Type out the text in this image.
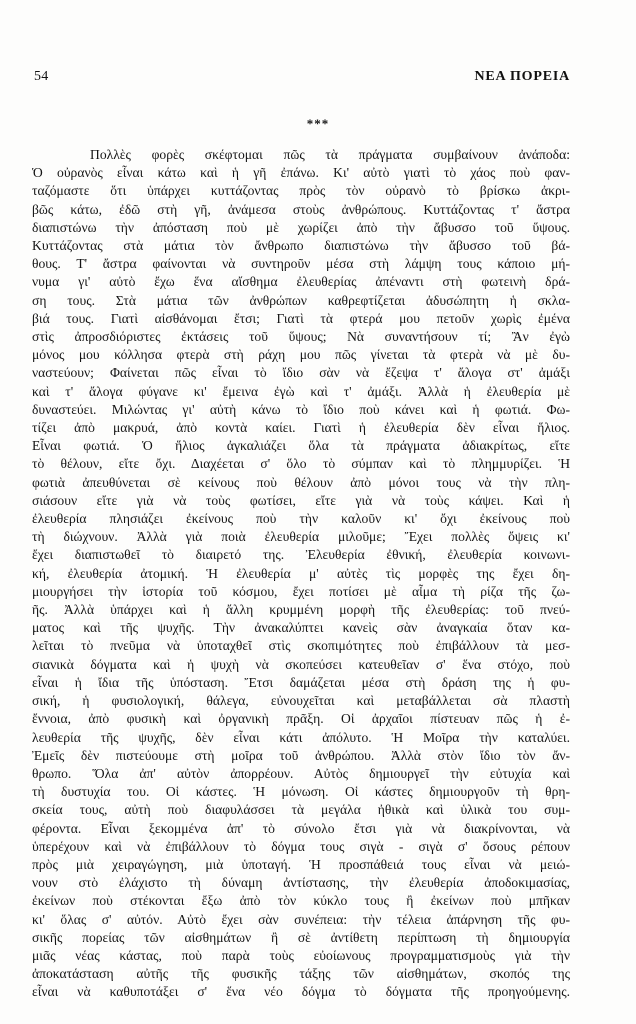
54	ΝΕΑ ΠΟΡΕΙΑ
***

Πολλὲς φορὲς σκέφτομαι πῶς τὰ πράγματα συμβαίνουν ἀνάποδα:
Ὁ οὐρανὸς εἶναι κάτω καὶ ἡ γῆ ἐπάνω. Κι' αὐτὸ γιατὶ τὸ χάος ποὺ φαν-
ταζόμαστε ὅτι ὑπάρχει κυττάζοντας πρὸς τὸν οὐρανὸ τὸ βρίσκω ἀκρι-
βῶς κάτω, ἐδῶ στὴ γῆ, ἀνάμεσα στοὺς ἀνθρώπους. Κυττάζοντας τ' ἄστρα
διαπιστώνω τὴν ἀπόσταση ποὺ μὲ χωρίζει ἀπὸ τὴν ἄβυσσο τοῦ ὕψους.
Κυττάζοντας στὰ μάτια τὸν ἄνθρωπο διαπιστώνω τὴν ἄβυσσο τοῦ βά-
θους. Τ' ἄστρα φαίνονται νὰ συντηροῦν μέσα στὴ λάμψη τους κάποιο μή-
νυμα γι' αὐτὸ ἔχω ἕνα αἴσθημα ἐλευθερίας ἀπέναντι στὴ φωτεινὴ δρά-
ση τους. Στὰ μάτια τῶν ἀνθρώπων καθρεφτίζεται ἀδυσώπητη ἡ σκλα-
βιά τους. Γιατὶ αἰσθάνομαι ἔτσι; Γιατὶ τὰ φτερά μου πετοῦν χωρὶς ἐμένα
στὶς ἀπροσδιόριστες ἐκτάσεις τοῦ ὕψους; Νὰ συναντήσουν τί; Ἂν ἐγὼ
μόνος μου κόλλησα φτερὰ στὴ ράχη μου πῶς γίνεται τὰ φτερὰ νὰ μὲ δυ-
ναστεύουν; Φαίνεται πῶς εἶναι τὸ ἴδιο σὰν νὰ ἔζεψα τ' ἄλογα στ' ἀμάξι
καὶ τ' ἄλογα φύγανε κι' ἔμεινα ἐγὼ καὶ τ' ἀμάξι. Ἀλλὰ ἡ ἐλευθερία μὲ
δυναστεύει. Μιλώντας γι' αὐτὴ κάνω τὸ ἴδιο ποὺ κάνει καὶ ἡ φωτιά. Φω-
τίζει ἀπὸ μακρυά, ἀπὸ κοντὰ καίει. Γιατὶ ἡ ἐλευθερία δὲν εἶναι ἥλιος.
Εἶναι φωτιά. Ὁ ἥλιος ἀγκαλιάζει ὅλα τὰ πράγματα ἀδιακρίτως, εἴτε
τὸ θέλουν, εἴτε ὄχι. Διαχέεται σ' ὅλο τὸ σύμπαν καὶ τὸ πλημμυρίζει. Ἡ
φωτιὰ ἀπευθύνεται σὲ κείνους ποὺ θέλουν ἀπὸ μόνοι τους νὰ τὴν πλη-
σιάσουν εἴτε γιὰ νὰ τοὺς φωτίσει, εἴτε γιὰ νὰ τοὺς κάψει. Καὶ ἡ
ἐλευθερία πλησιάζει ἐκείνους ποὺ τὴν καλοῦν κι' ὄχι ἐκείνους ποὺ
τὴ διώχνουν. Ἀλλὰ γιὰ ποιὰ ἐλευθερία μιλοῦμε; Ἔχει πολλὲς ὄψεις κι'
ἔχει διαπιστωθεῖ τὸ διαιρετό της. Ἐλευθερία ἐθνική, ἐλευθερία κοινωνι-
κή, ἐλευθερία ἀτομική. Ἡ ἐλευθερία μ' αὐτὲς τὶς μορφὲς της ἔχει δη-
μιουργήσει τὴν ἱστορία τοῦ κόσμου, ἔχει ποτίσει μὲ αἷμα τὴ ρίζα τῆς ζω-
ῆς. Ἀλλὰ ὑπάρχει καὶ ἡ ἄλλη κρυμμένη μορφὴ τῆς ἐλευθερίας: τοῦ πνεύ-
ματος καὶ τῆς ψυχῆς. Τὴν ἀνακαλύπτει κανεὶς σὰν ἀναγκαία ὅταν κα-
λεῖται τὸ πνεῦμα νὰ ὑποταχθεῖ στὶς σκοπιμότητες ποὺ ἐπιβάλλουν τὰ μεσ-
σιανικὰ δόγματα καὶ ἡ ψυχὴ νὰ σκοπεύσει κατευθεῖαν σ' ἕνα στόχο, ποὺ
εἶναι ἡ ἴδια τῆς ὑπόσταση. Ἔτσι δαμάζεται μέσα στὴ δράση της ἡ φυ-
σική, ἡ φυσιολογική, θάλεγα, εὐνουχεῖται καὶ μεταβάλλεται σὰ πλαστὴ
ἔννοια, ἀπὸ φυσικὴ καὶ ὀργανικὴ πρᾶξη. Οἱ ἀρχαῖοι πίστευαν πῶς ἡ ἐ-
λευθερία τῆς ψυχῆς, δὲν εἶναι κάτι ἀπόλυτο. Ἡ Μοῖρα τὴν καταλύει.
Ἐμεῖς δὲν πιστεύουμε στὴ μοῖρα τοῦ ἀνθρώπου. Ἀλλὰ στὸν ἴδιο τὸν ἄν-
θρωπο. Ὅλα ἀπ' αὐτὸν ἀπορρέουν. Αὐτὸς δημιουργεῖ τὴν εὐτυχία καὶ
τὴ δυστυχία του. Οἱ κάστες. Ἡ μόνωση. Οἱ κάστες δημιουργοῦν τὴ θρη-
σκεία τους, αὐτὴ ποὺ διαφυλάσσει τὰ μεγάλα ἠθικὰ καὶ ὑλικὰ του συμ-
φέροντα. Εἶναι ξεκομμένα ἀπ' τὸ σύνολο ἔτσι γιὰ νὰ διακρίνονται, νὰ
ὑπερέχουν καὶ νὰ ἐπιβάλλουν τὸ δόγμα τους σιγὰ - σιγὰ σ' ὅσους ρέπουν
πρὸς μιὰ χειραγώγηση, μιὰ ὑποταγή. Ἡ προσπάθειά τους εἶναι νὰ μειώ-
νουν στὸ ἐλάχιστο τὴ δύναμη ἀντίστασης, τὴν ἐλευθερία ἀποδοκιμασίας,
ἐκείνων ποὺ στέκονται ἔξω ἀπὸ τὸν κύκλο τους ἢ ἐκείνων ποὺ μπῆκαν
κι' ὅλας σ' αὐτόν. Αὐτὸ ἔχει σὰν συνέπεια: τὴν τέλεια ἀπάρνηση τῆς φυ-
σικῆς πορείας τῶν αἰσθημάτων ἢ σὲ ἀντίθετη περίπτωση τὴ δημιουργία
μιᾶς νέας κάστας, ποὺ παρὰ τοὺς εὐοίωνους προγραμματισμοὺς γιὰ τὴν
ἀποκατάσταση αὐτῆς τῆς φυσικῆς τάξης τῶν αἰσθημάτων, σκοπός της
εἶναι νὰ καθυποτάξει σ' ἕνα νέο δόγμα τὸ δόγματα τῆς προηγούμενης.
